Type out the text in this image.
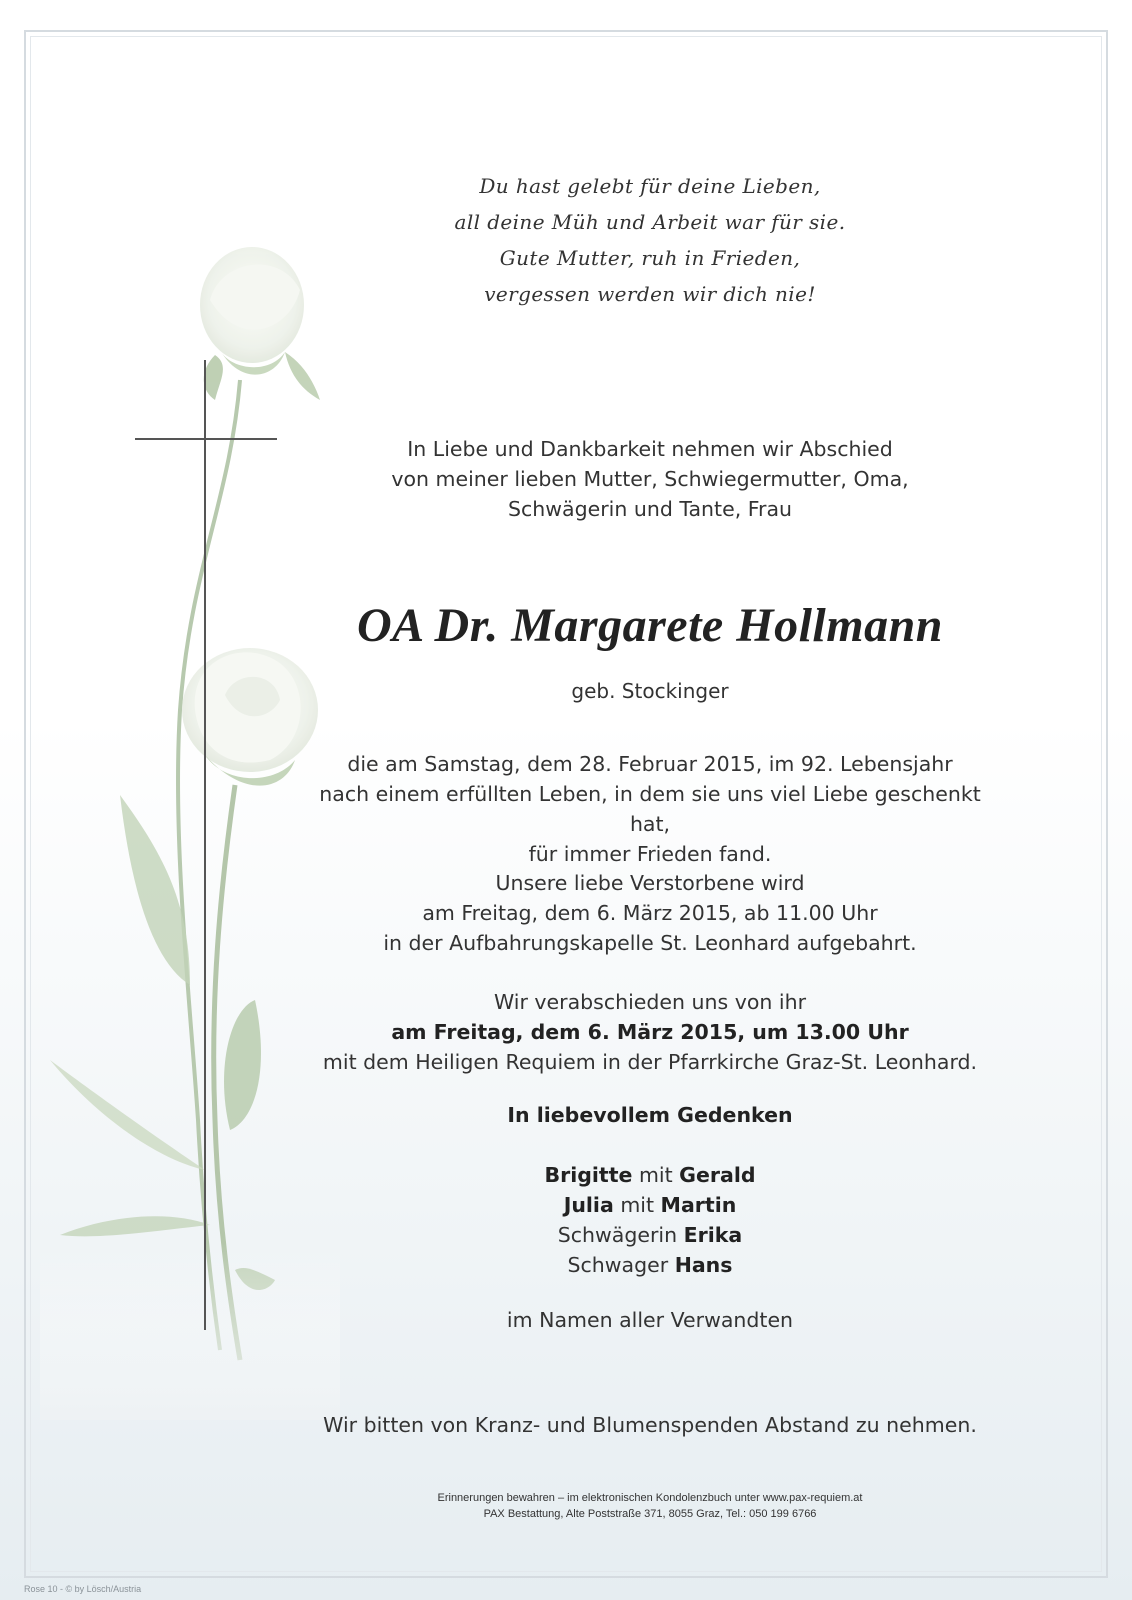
Du hast gelebt für deine Lieben,
all deine Müh und Arbeit war für sie.
Gute Mutter, ruh in Frieden,
vergessen werden wir dich nie!
In Liebe und Dankbarkeit nehmen wir Abschied
von meiner lieben Mutter, Schwiegermutter, Oma,
Schwägerin und Tante, Frau
OA Dr. Margarete Hollmann
geb. Stockinger
die am Samstag, dem 28. Februar 2015, im 92. Lebensjahr
nach einem erfüllten Leben, in dem sie uns viel Liebe geschenkt hat,
für immer Frieden fand.
Unsere liebe Verstorbene wird
am Freitag, dem 6. März 2015, ab 11.00 Uhr
in der Aufbahrungskapelle St. Leonhard aufgebahrt.
Wir verabschieden uns von ihr
am Freitag, dem 6. März 2015, um 13.00 Uhr
mit dem Heiligen Requiem in der Pfarrkirche Graz-St. Leonhard.
In liebevollem Gedenken
Brigitte mit Gerald
Julia mit Martin
Schwägerin Erika
Schwager Hans
im Namen aller Verwandten
Wir bitten von Kranz- und Blumenspenden Abstand zu nehmen.
Erinnerungen bewahren – im elektronischen Kondolenzbuch unter www.pax-requiem.at
PAX Bestattung, Alte Poststraße 371, 8055 Graz, Tel.: 050 199 6766
Rose 10 - © by Lösch/Austria
